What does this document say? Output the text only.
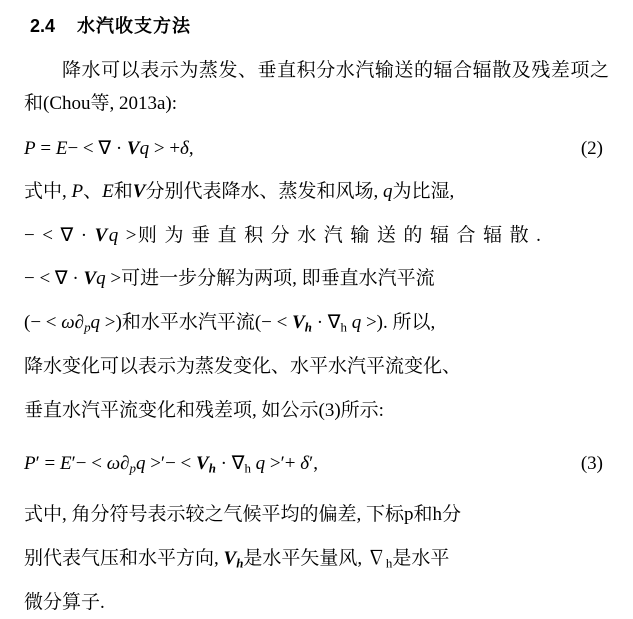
2.4 水汽收支方法
降水可以表示为蒸发、垂直积分水汽输送的辐合辐散及残差项之和(Chou等, 2013a):
P = E− < ∇ · Vq > +δ,	(2)
式中, P、E和V分别代表降水、蒸发和风场, q为比湿,
− < ∇ · Vq >则 为 垂 直 积 分 水 汽 输 送 的 辐 合 辐 散 .
− < ∇ · Vq >可进一步分解为两项, 即垂直水汽平流
(− < $\omega\partial_pq$ >)和水平水汽平流(− < $V_h \cdot \nabla_h$ q >). 所以,
降水变化可以表示为蒸发变化、水平水汽平流变化、
垂直水汽平流变化和残差项, 如公示(3)所示:
$P' = E'- < \omega\partial_pq$ >′− < $V_h \cdot \nabla_h$ q >′+ δ′,	(3)
式中, 角分符号表示较之气候平均的偏差, 下标p和h分
别代表气压和水平方向, $V_h$是水平矢量风, $\nabla_h$是水平
微分算子.
